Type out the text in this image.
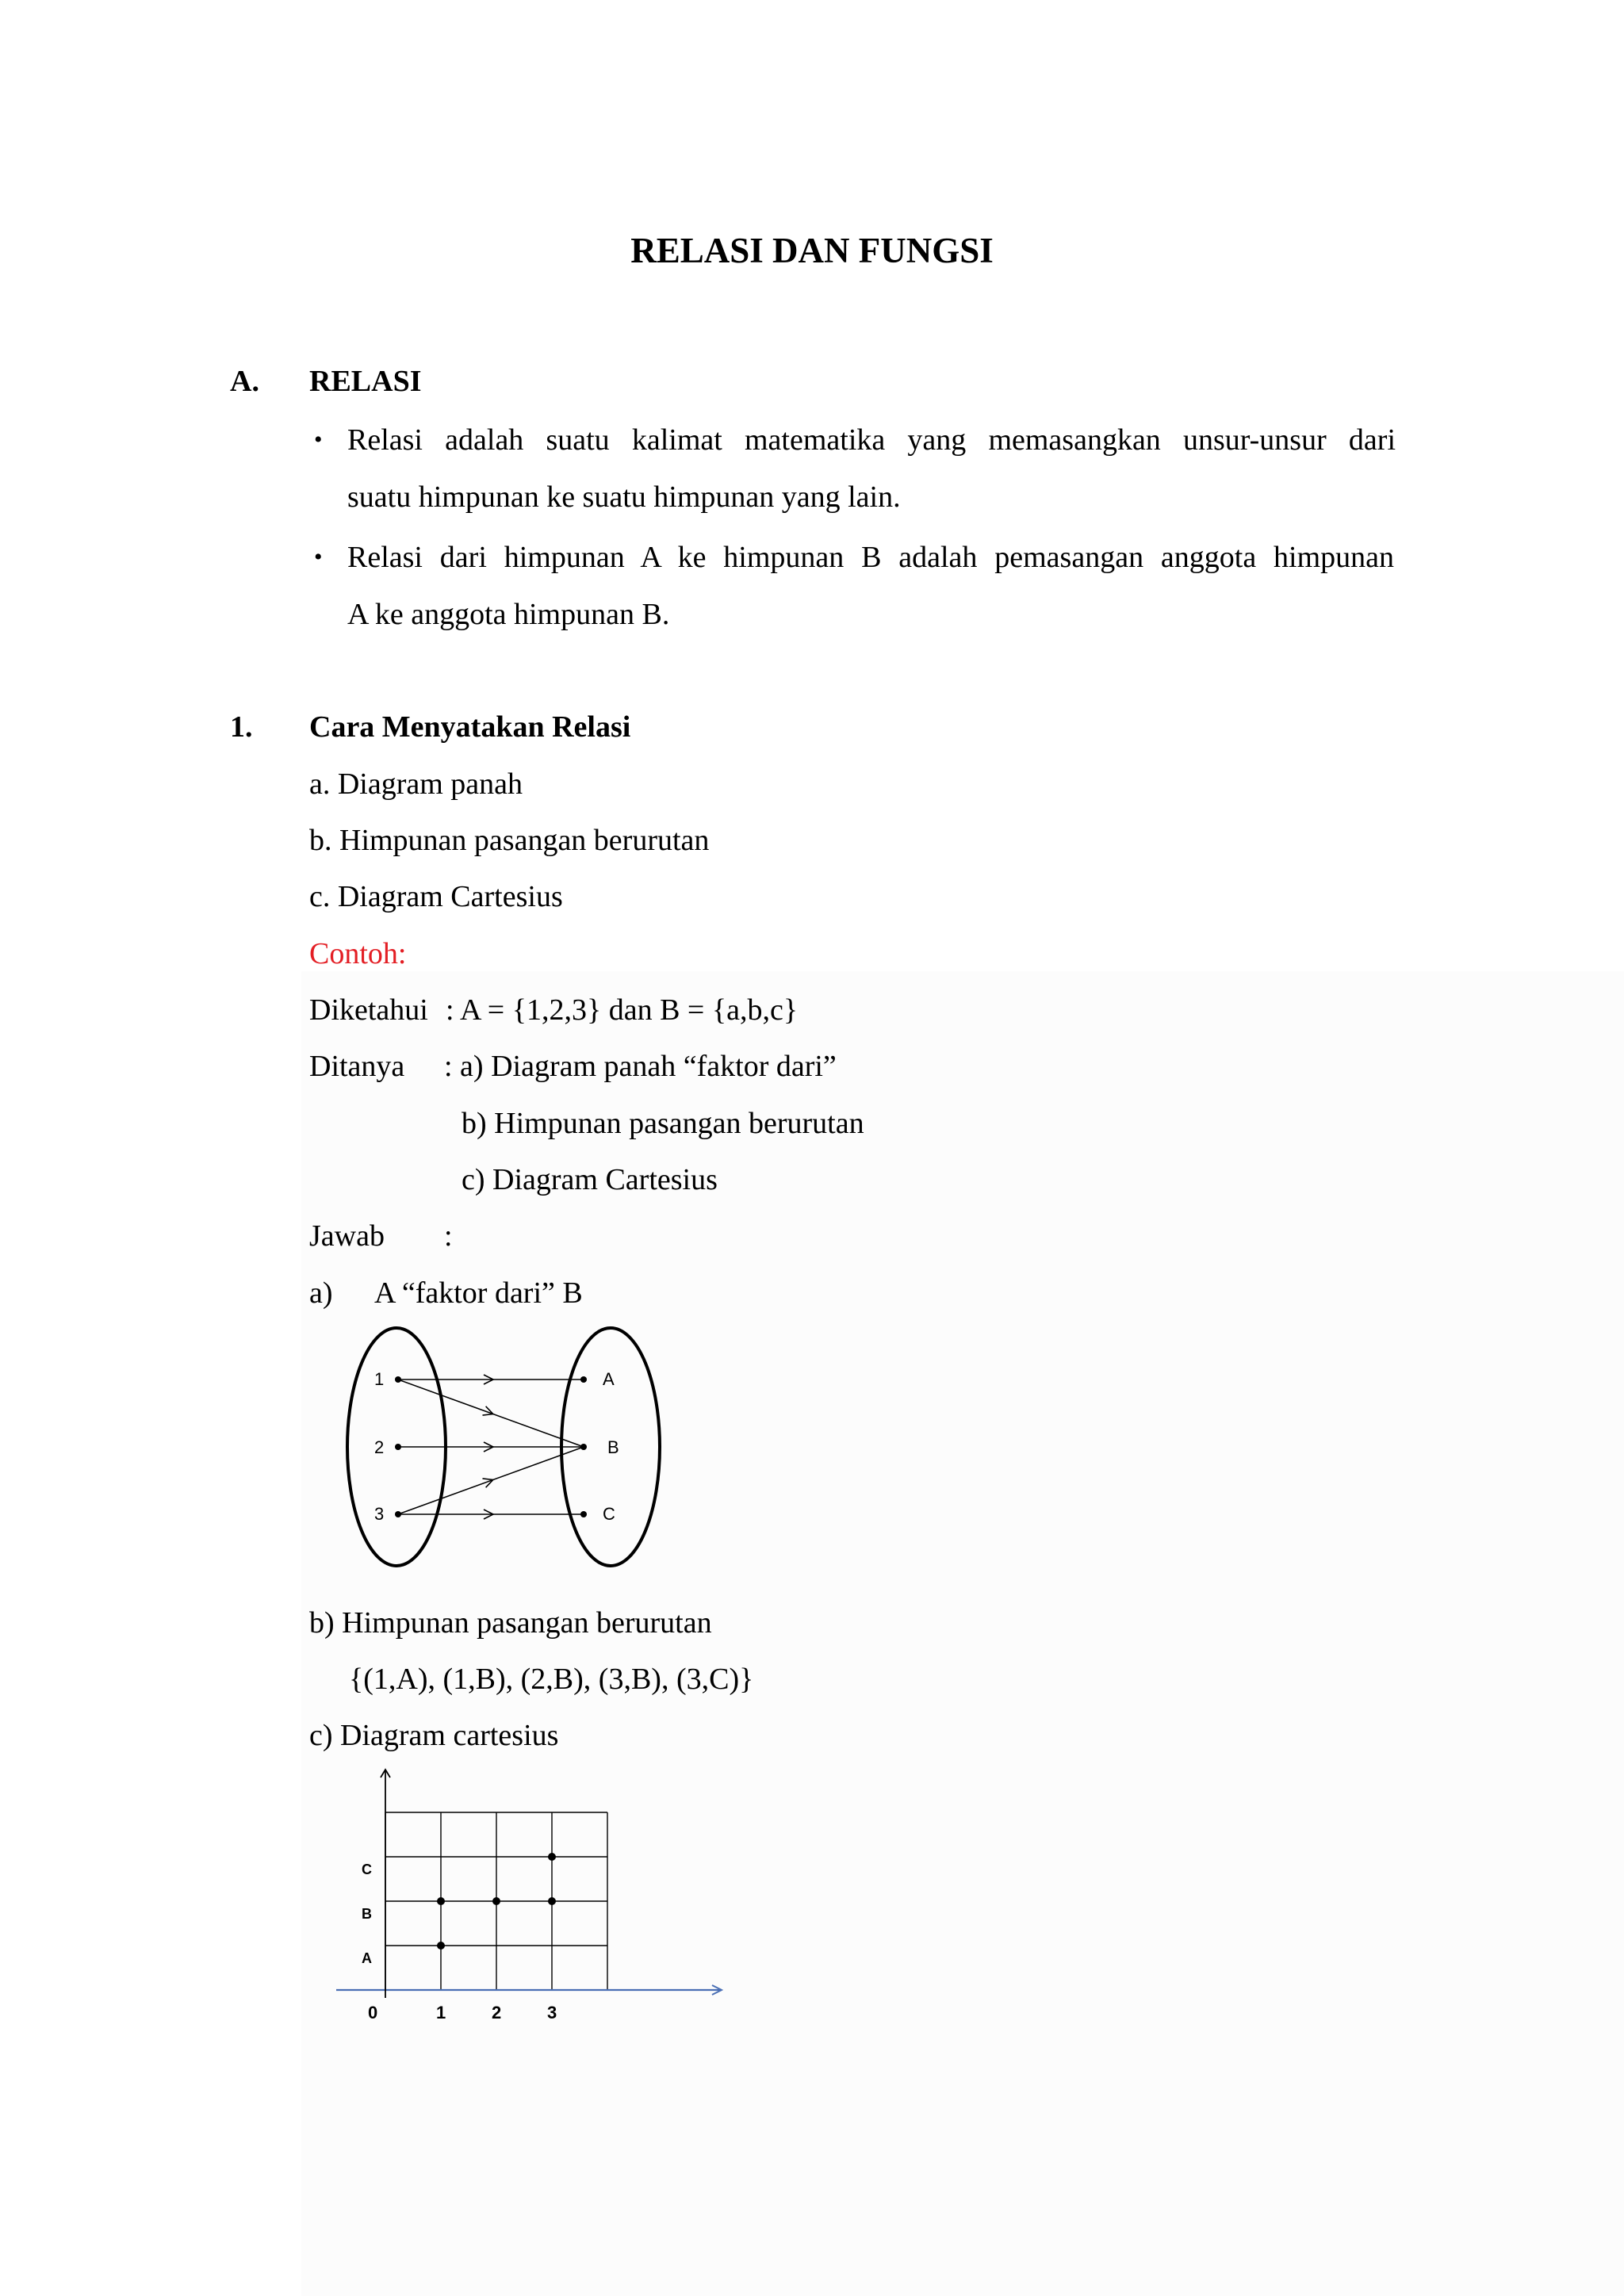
RELASI DAN FUNGSI
A. RELASI
• Relasi adalah suatu kalimat matematika yang memasangkan unsur-unsur dari
suatu himpunan ke suatu himpunan yang lain.
• Relasi dari himpunan A ke himpunan B adalah pemasangan anggota himpunan
A ke anggota himpunan B.
1. Cara Menyatakan Relasi
a. Diagram panah
b. Himpunan pasangan berurutan
c. Diagram Cartesius
Contoh:
Diketahui : A = {1,2,3} dan B = {a,b,c}
Ditanya : a) Diagram panah “faktor dari”
b) Himpunan pasangan berurutan
c) Diagram Cartesius
Jawab :
a) A “faktor dari” B
1
2
3
A
B
C
b) Himpunan pasangan berurutan
{(1,A), (1,B), (2,B), (3,B), (3,C)}
c) Diagram cartesius
0	1	2	3
A
B
C
